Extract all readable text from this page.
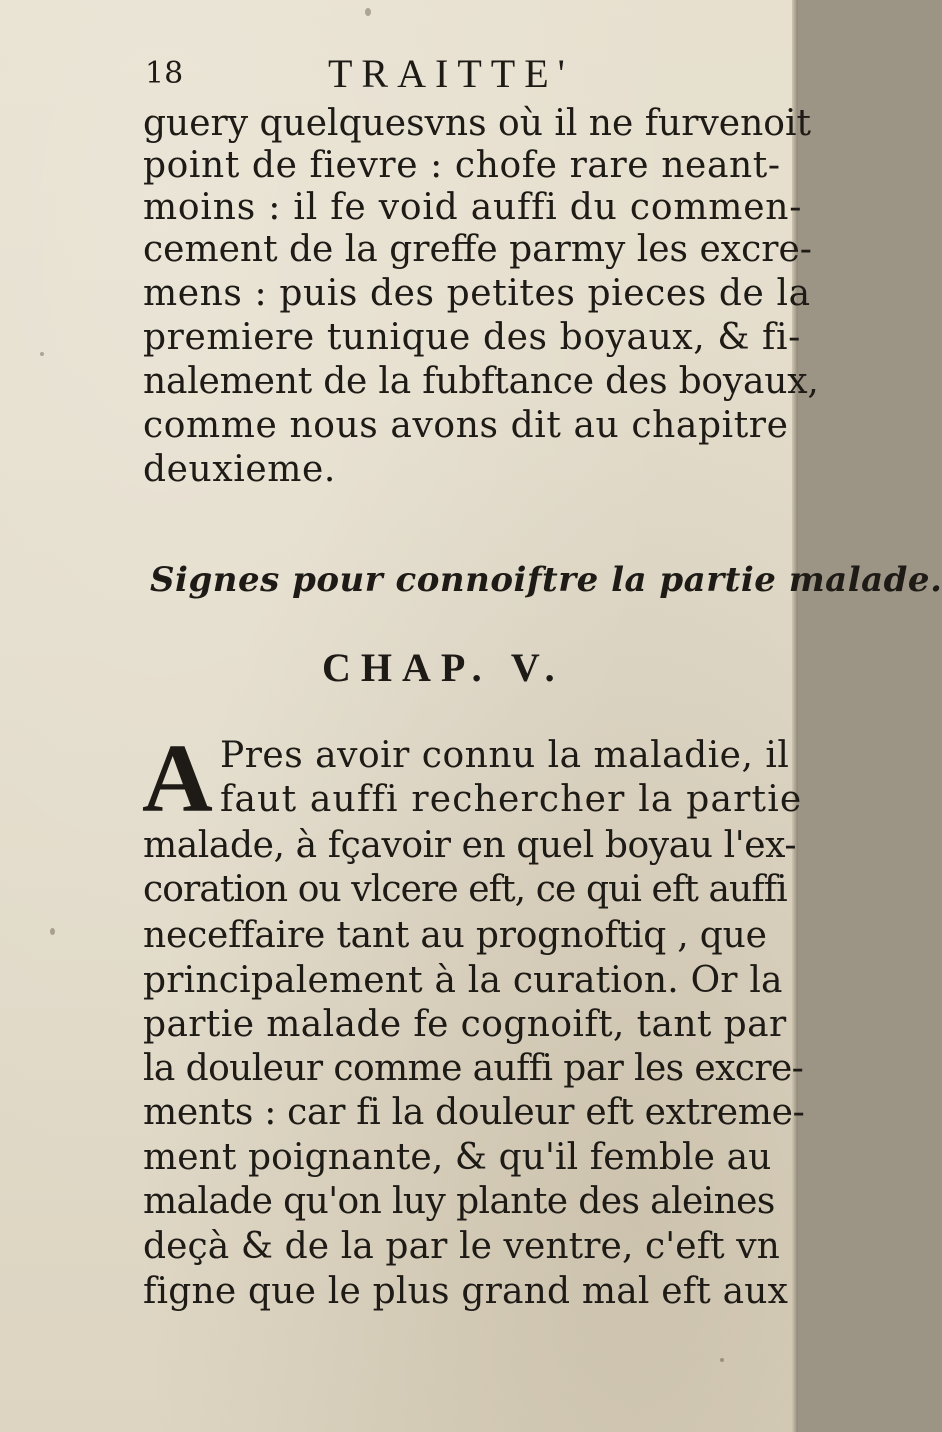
18	TRAITTE'
guery quelquesvns où il ne furvenoit
point de fievre : chofe rare neant-
moins : il fe void auffi du commen-
cement de la greffe parmy les excre-
mens : puis des petites pieces de la
premiere tunique des boyaux, & fi-
nalement de la fubftance des boyaux,
comme nous avons dit au chapitre
deuxieme.
Signes pour connoiftre la partie malade.
CHAP. V.
A Pres avoir connu la maladie, il
faut auffi rechercher la partie
malade, à fçavoir en quel boyau l'ex-
coration ou vlcere eft, ce qui eft auffi
neceffaire tant au prognoftiq , que
principalement à la curation. Or la
partie malade fe cognoift, tant par
la douleur comme auffi par les excre-
ments : car fi la douleur eft extreme-
ment poignante, & qu'il femble au
malade qu'on luy plante des aleines
deçà & de la par le ventre, c'eft vn
figne que le plus grand mal eft aux
